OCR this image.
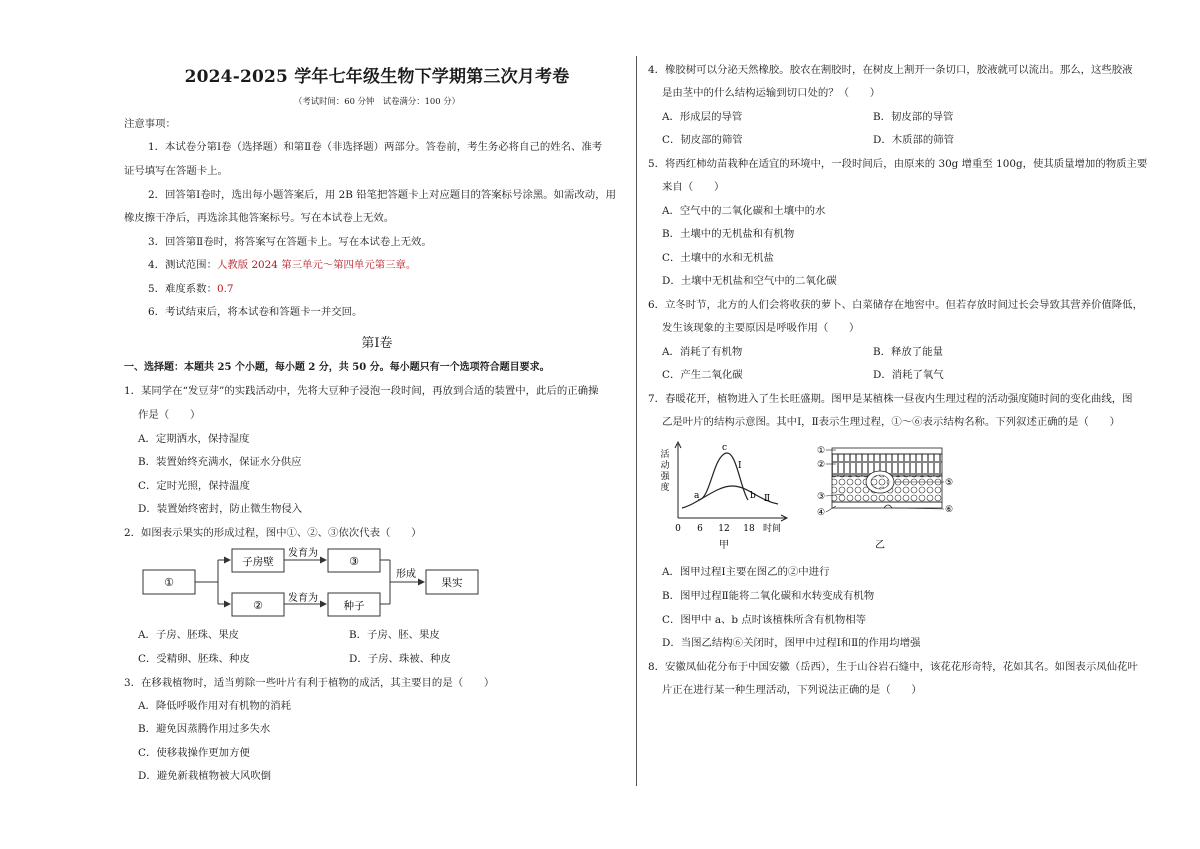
2024-2025 学年七年级生物下学期第三次月考卷
（考试时间：60 分钟　试卷满分：100 分）
注意事项：
1．本试卷分第Ⅰ卷（选择题）和第Ⅱ卷（非选择题）两部分。答卷前，考生务必将自己的姓名、准考
证号填写在答题卡上。
2．回答第Ⅰ卷时，选出每小题答案后，用 2B 铅笔把答题卡上对应题目的答案标号涂黑。如需改动，用
橡皮擦干净后，再选涂其他答案标号。写在本试卷上无效。
3．回答第Ⅱ卷时，将答案写在答题卡上。写在本试卷上无效。
4．测试范围：人教版 2024 第三单元～第四单元第三章。
5．难度系数：0.7
6．考试结束后，将本试卷和答题卡一并交回。
第Ⅰ卷
一、选择题：本题共 25 个小题，每小题 2 分，共 50 分。每小题只有一个选项符合题目要求。
1．某同学在“发豆芽”的实践活动中，先将大豆种子浸泡一段时间，再放到合适的装置中，此后的正确操
作是（　　）
A．定期洒水，保持湿度
B．装置始终充满水，保证水分供应
C．定时光照，保持温度
D．装置始终密封，防止微生物侵入
2．如图表示果实的形成过程，图中①、②、③依次代表（　　）
①
子房壁
②
发育为
发育为
③
种子
形成
果实
A．子房、胚珠、果皮	B．子房、胚、果皮
C．受精卵、胚珠、种皮	D．子房、珠被、种皮
3．在移栽植物时，适当剪除一些叶片有利于植物的成活，其主要目的是（　　）
A．降低呼吸作用对有机物的消耗
B．避免因蒸腾作用过多失水
C．使移栽操作更加方便
D．避免新栽植物被大风吹倒
4．橡胶树可以分泌天然橡胶。胶农在割胶时，在树皮上割开一条切口，胶液就可以流出。那么，这些胶液
是由茎中的什么结构运输到切口处的？（　　）
A．形成层的导管	B．韧皮部的导管
C．韧皮部的筛管	D．木质部的筛管
5．将西红柿幼苗栽种在适宜的环境中，一段时间后，由原来的 30g 增重至 100g，使其质量增加的物质主要
来自（　　）
A．空气中的二氧化碳和土壤中的水
B．土壤中的无机盐和有机物
C．土壤中的水和无机盐
D．土壤中无机盐和空气中的二氧化碳
6．立冬时节，北方的人们会将收获的萝卜、白菜储存在地窖中。但若存放时间过长会导致其营养价值降低，
发生该现象的主要原因是呼吸作用（　　）
A．消耗了有机物	B．释放了能量
C．产生二氧化碳	D．消耗了氧气
7．春暖花开，植物进入了生长旺盛期。图甲是某植株一昼夜内生理过程的活动强度随时间的变化曲线，图
乙是叶片的结构示意图。其中Ⅰ，Ⅱ表示生理过程，①～⑥表示结构名称。下列叙述正确的是（　　）
活
动
强
度
c
a	b
Ⅰ
Ⅱ
0 6 12 18 时间
甲
①
②
③
④
⑤
⑥
乙
A．图甲过程Ⅰ主要在图乙的②中进行
B．图甲过程Ⅱ能将二氧化碳和水转变成有机物
C．图甲中 a、b 点时该植株所含有机物相等
D．当图乙结构⑥关闭时，图甲中过程Ⅰ和Ⅱ的作用均增强
8．安徽凤仙花分布于中国安徽（岳西），生于山谷岩石缝中，该花花形奇特，花如其名。如图表示凤仙花叶
片正在进行某一种生理活动，下列说法正确的是（　　）
